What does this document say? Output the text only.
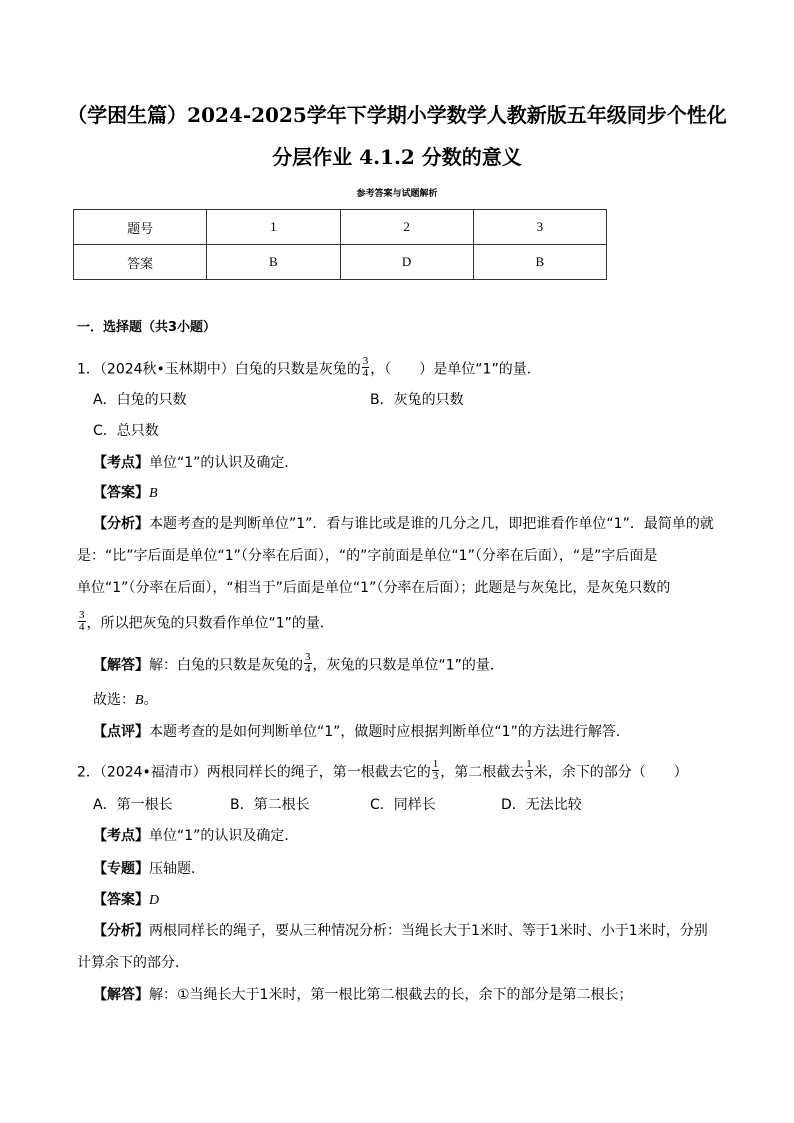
（学困生篇）2024-2025学年下学期小学数学人教新版五年级同步个性化
分层作业 4.1.2 分数的意义
参考答案与试题解析
题号	1	2	3
答案	B	D	B
一．选择题（共3小题）
1．（2024秋•玉林期中）白兔的只数是灰兔的 $\frac{3}{4}$ ，（　　）是单位“1”的量．
A．白兔的只数	B．灰兔的只数
C．总只数
【考点】单位“1”的认识及确定．
【答案】B
【分析】本题考查的是判断单位”1”．看与谁比或是谁的几分之几，即把谁看作单位“1”．最简单的就
是：“比”字后面是单位“1”（分率在后面），“的”字前面是单位“1”（分率在后面），“是”字后面是
单位“1”（分率在后面），“相当于”后面是单位“1”（分率在后面）；此题是与灰兔比，是灰兔只数的
$\frac{3}{4}$ ，所以把灰兔的只数看作单位“1”的量．
【解答】解：白兔的只数是灰兔的 $\frac{3}{4}$ ，灰兔的只数是单位“1”的量．
故选：B。
【点评】本题考查的是如何判断单位“1”，做题时应根据判断单位“1”的方法进行解答．
2．（2024•福清市）两根同样长的绳子，第一根截去它的 $\frac{1}{3}$ ，第二根截去 $\frac{1}{3}$ 米，余下的部分（　　）
A．第一根长	B．第二根长	C．同样长	D．无法比较
【考点】单位“1”的认识及确定．
【专题】压轴题．
【答案】D
【分析】两根同样长的绳子，要从三种情况分析：当绳长大于1米时、等于1米时、小于1米时，分别
计算余下的部分．
【解答】解：①当绳长大于1米时，第一根比第二根截去的长，余下的部分是第二根长；
